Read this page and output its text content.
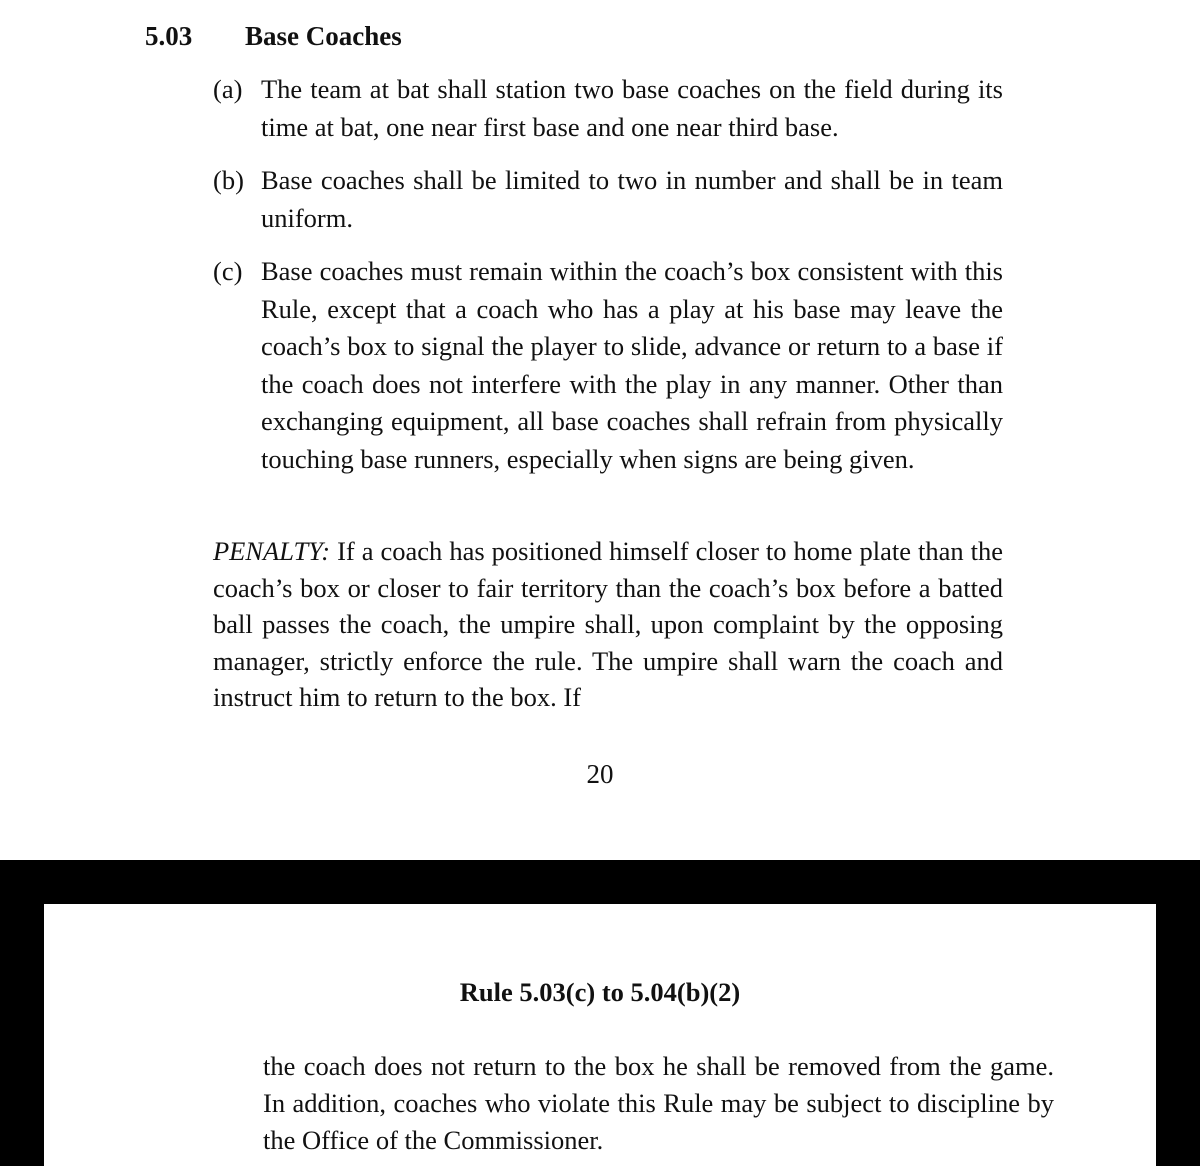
5.03 Base Coaches

(a) The team at bat shall station two base coaches on the field during its time at bat, one near first base and one near third base.

(b) Base coaches shall be limited to two in number and shall be in team uniform.

(c) Base coaches must remain within the coach’s box consistent with this Rule, except that a coach who has a play at his base may leave the coach’s box to signal the player to slide, advance or return to a base if the coach does not interfere with the play in any manner. Other than exchanging equipment, all base coaches shall refrain from physically touching base runners, especially when signs are being given.

PENALTY: If a coach has positioned himself closer to home plate than the coach’s box or closer to fair territory than the coach’s box before a batted ball passes the coach, the umpire shall, upon complaint by the opposing manager, strictly enforce the rule. The umpire shall warn the coach and instruct him to return to the box. If

20
Rule 5.03(c) to 5.04(b)(2)

the coach does not return to the box he shall be removed from the game. In addition, coaches who violate this Rule may be subject to discipline by the Office of the Commissioner.
